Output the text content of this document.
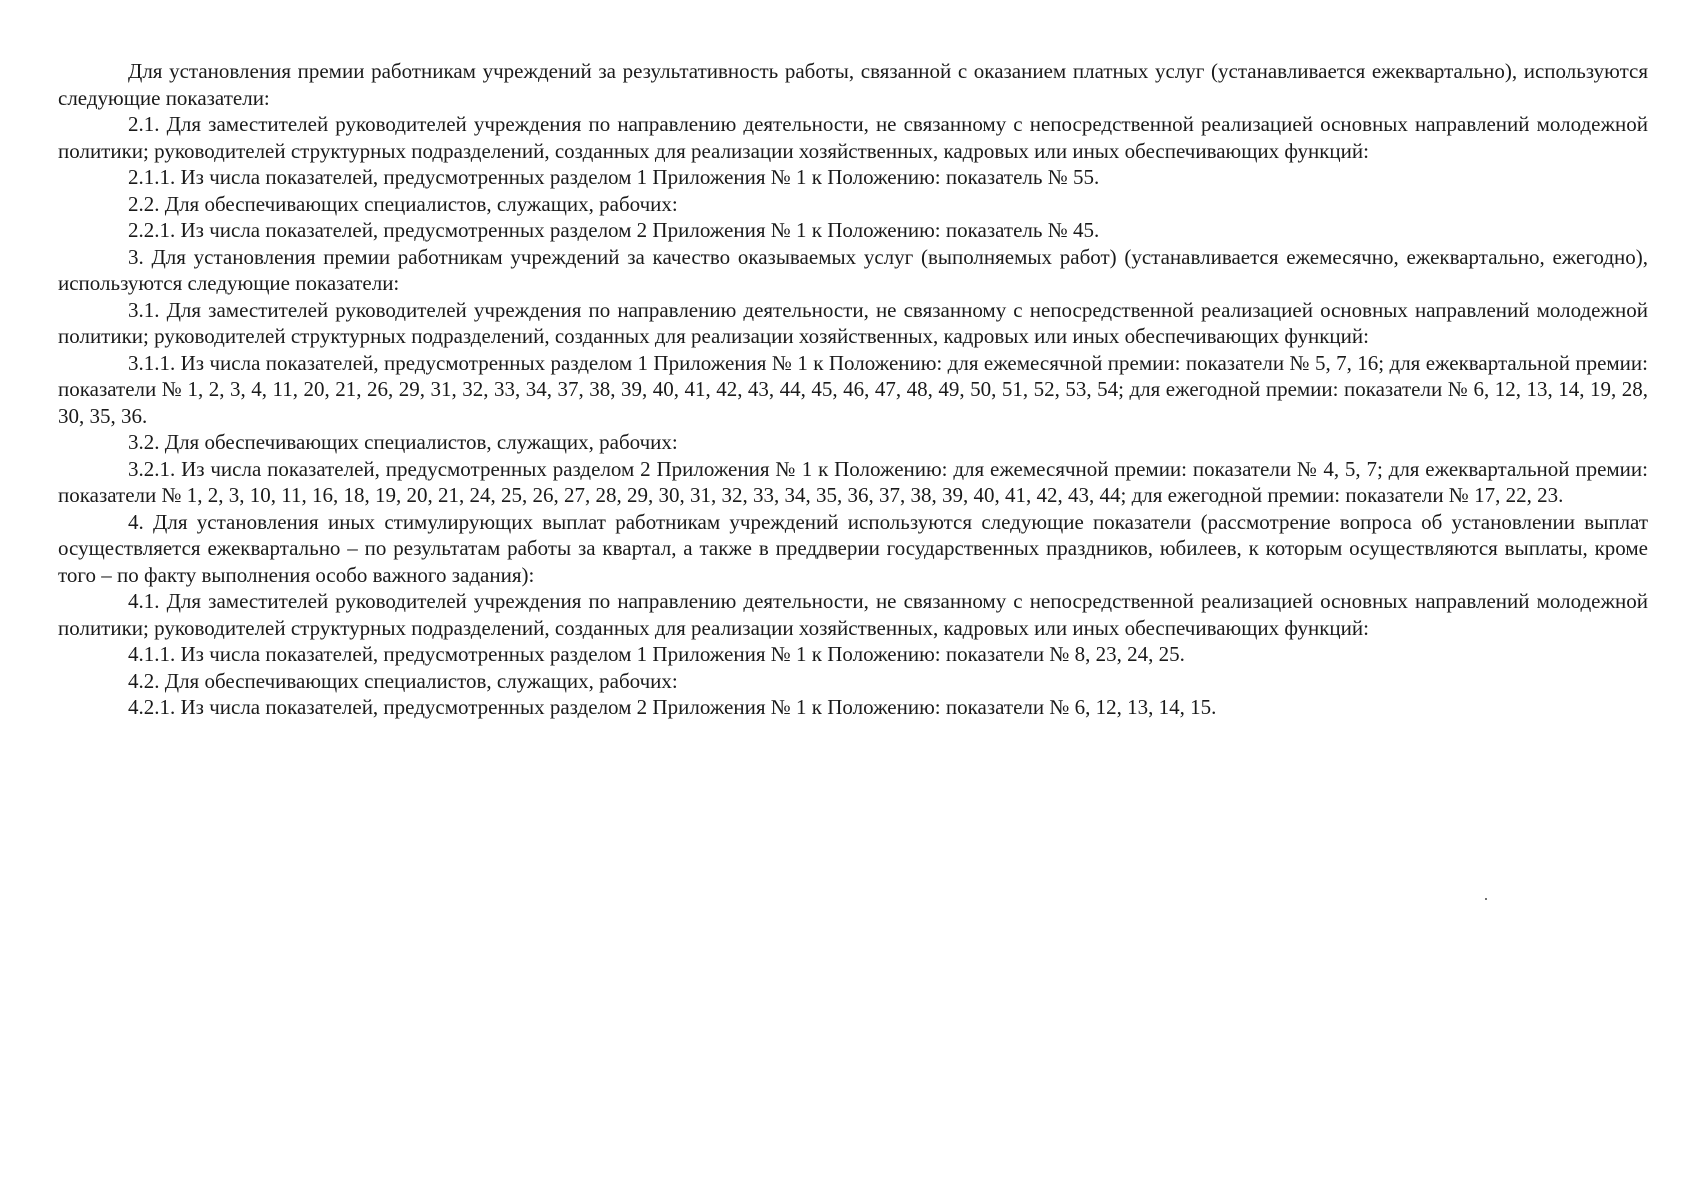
Для установления премии работникам учреждений за результативность работы, связанной с оказанием платных услуг (устанавливается ежеквартально), используются следующие показатели:

2.1. Для заместителей руководителей учреждения по направлению деятельности, не связанному с непосредственной реализацией основных направлений молодежной политики; руководителей структурных подразделений, созданных для реализации хозяйственных, кадровых или иных обеспечивающих функций:

2.1.1. Из числа показателей, предусмотренных разделом 1 Приложения № 1 к Положению: показатель № 55.

2.2. Для обеспечивающих специалистов, служащих, рабочих:

2.2.1. Из числа показателей, предусмотренных разделом 2 Приложения № 1 к Положению: показатель № 45.

3. Для установления премии работникам учреждений за качество оказываемых услуг (выполняемых работ) (устанавливается ежемесячно, ежеквартально, ежегодно), используются следующие показатели:

3.1. Для заместителей руководителей учреждения по направлению деятельности, не связанному с непосредственной реализацией основных направлений молодежной политики; руководителей структурных подразделений, созданных для реализации хозяйственных, кадровых или иных обеспечивающих функций:

3.1.1. Из числа показателей, предусмотренных разделом 1 Приложения № 1 к Положению: для ежемесячной премии: показатели № 5, 7, 16; для ежеквартальной премии: показатели № 1, 2, 3, 4, 11, 20, 21, 26, 29, 31, 32, 33, 34, 37, 38, 39, 40, 41, 42, 43, 44, 45, 46, 47, 48, 49, 50, 51, 52, 53, 54; для ежегодной премии: показатели № 6, 12, 13, 14, 19, 28, 30, 35, 36.

3.2. Для обеспечивающих специалистов, служащих, рабочих:

3.2.1. Из числа показателей, предусмотренных разделом 2 Приложения № 1 к Положению: для ежемесячной премии: показатели № 4, 5, 7; для ежеквартальной премии: показатели № 1, 2, 3, 10, 11, 16, 18, 19, 20, 21, 24, 25, 26, 27, 28, 29, 30, 31, 32, 33, 34, 35, 36, 37, 38, 39, 40, 41, 42, 43, 44; для ежегодной премии: показатели № 17, 22, 23.

4. Для установления иных стимулирующих выплат работникам учреждений используются следующие показатели (рассмотрение вопроса об установлении выплат осуществляется ежеквартально – по результатам работы за квартал, а также в преддверии государственных праздников, юбилеев, к которым осуществляются выплаты, кроме того – по факту выполнения особо важного задания):

4.1. Для заместителей руководителей учреждения по направлению деятельности, не связанному с непосредственной реализацией основных направлений молодежной политики; руководителей структурных подразделений, созданных для реализации хозяйственных, кадровых или иных обеспечивающих функций:

4.1.1. Из числа показателей, предусмотренных разделом 1 Приложения № 1 к Положению: показатели № 8, 23, 24, 25.

4.2. Для обеспечивающих специалистов, служащих, рабочих:

4.2.1. Из числа показателей, предусмотренных разделом 2 Приложения № 1 к Положению: показатели № 6, 12, 13, 14, 15.
